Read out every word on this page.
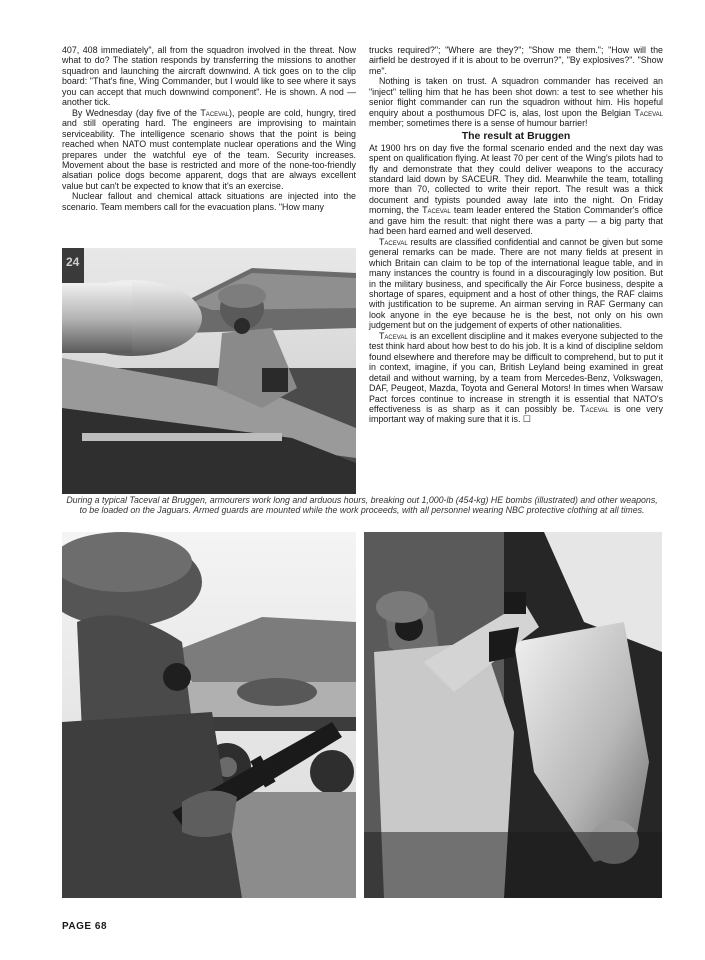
407, 408 immediately", all from the squadron involved in the threat. Now what to do? The station responds by transferring the missions to another squadron and launching the aircraft downwind. A tick goes on to the clip board: "That's fine, Wing Commander, but I would like to see where it says you can accept that much downwind component". He is shown. A nod — another tick.

By Wednesday (day five of the Taceval), people are cold, hungry, tired and still operating hard. The engineers are improvising to maintain serviceability. The intelligence scenario shows that the point is being reached when NATO must contemplate nuclear operations and the Wing prepares under the watchful eye of the team. Security increases. Movement about the base is restricted and more of the none-too-friendly alsatian police dogs become apparent, dogs that are always excellent value but can't be expected to know that it's an exercise.

Nuclear fallout and chemical attack situations are injected into the scenario. Team members call for the evacuation plans. "How many

trucks required?"; "Where are they?"; "Show me them."; "How will the airfield be destroyed if it is about to be overrun?", "By explosives?". "Show me".

Nothing is taken on trust. A squadron commander has received an "inject" telling him that he has been shot down: a test to see whether his senior flight commander can run the squadron without him. His hopeful enquiry about a posthumous DFC is, alas, lost upon the Belgian Taceval member; sometimes there is a sense of humour barrier!

The result at Bruggen

At 1900 hrs on day five the formal scenario ended and the next day was spent on qualification flying. At least 70 per cent of the Wing's pilots had to fly and demonstrate that they could deliver weapons to the accuracy standard laid down by SACEUR. They did. Meanwhile the team, totalling more than 70, collected to write their report. The result was a thick document and typists pounded away late into the night. On Friday morning, the Taceval team leader entered the Station Commander's office and gave him the result: that night there was a party — a big party that had been hard earned and well deserved.

Taceval results are classified confidential and cannot be given but some general remarks can be made. There are not many fields at present in which Britain can claim to be top of the international league table, and in many instances the country is found in a discouragingly low position. But in the military business, and specifically the Air Force business, despite a shortage of spares, equipment and a host of other things, the RAF claims with justification to be supreme. An airman serving in RAF Germany can look anyone in the eye because he is the best, not only on his own judgement but on the judgement of experts of other nationalities.

Taceval is an excellent discipline and it makes everyone subjected to the test think hard about how best to do his job. It is a kind of discipline seldom found elsewhere and therefore may be difficult to comprehend, but to put it in context, imagine, if you can, British Leyland being examined in great detail and without warning, by a team from Mercedes-Benz, Volkswagen, DAF, Peugeot, Mazda, Toyota and General Motors! In times when Warsaw Pact forces continue to increase in strength it is essential that NATO's effectiveness is as sharp as it can possibly be. Taceval is one very important way of making sure that it is. ☐

24
During a typical Taceval at Bruggen, armourers work long and arduous hours, breaking out 1,000-lb (454-kg) HE bombs (illustrated) and other weapons, to be loaded on the Jaguars. Armed guards are mounted while the work proceeds, with all personnel wearing NBC protective clothing at all times.
PAGE 68
